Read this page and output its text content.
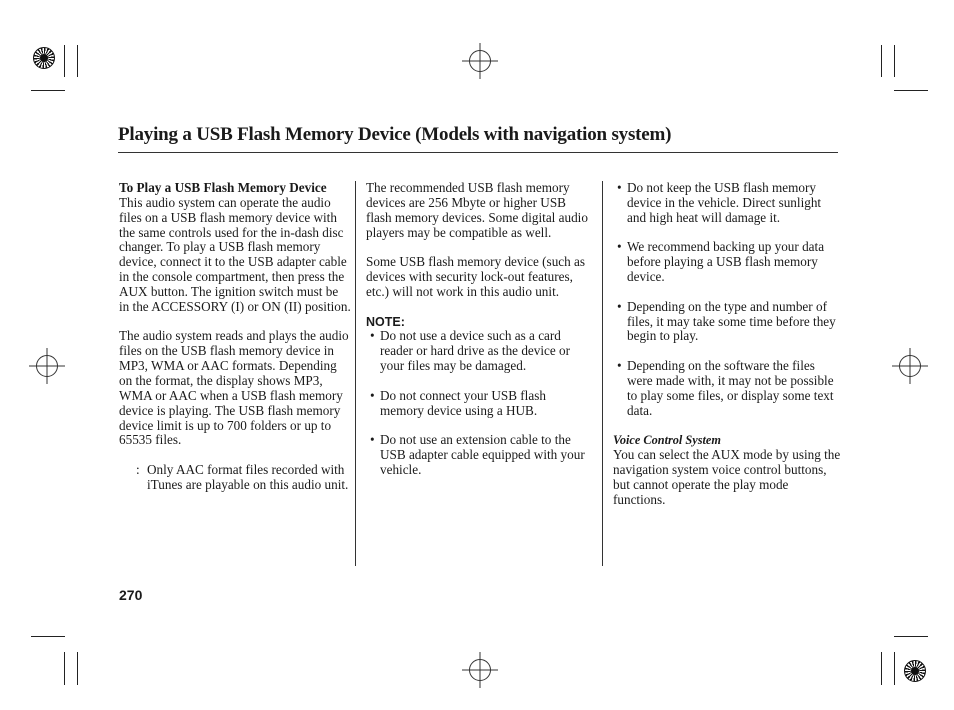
Playing a USB Flash Memory Device (Models with navigation system)

To Play a USB Flash Memory Device

This audio system can operate the audio files on a USB flash memory device with the same controls used for the in-dash disc changer. To play a USB flash memory device, connect it to the USB adapter cable in the console compartment, then press the AUX button. The ignition switch must be in the ACCESSORY (I) or ON (II) position.

The audio system reads and plays the audio files on the USB flash memory device in MP3, WMA or AAC formats. Depending on the format, the display shows MP3, WMA or AAC when a USB flash memory device is playing. The USB flash memory device limit is up to 700 folders or up to 65535 files.

: Only AAC format files recorded with iTunes are playable on this audio unit.

The recommended USB flash memory devices are 256 Mbyte or higher USB flash memory devices. Some digital audio players may be compatible as well.

Some USB flash memory device (such as devices with security lock-out features, etc.) will not work in this audio unit.

NOTE:

• Do not use a device such as a card reader or hard drive as the device or your files may be damaged.

• Do not connect your USB flash memory device using a HUB.

• Do not use an extension cable to the USB adapter cable equipped with your vehicle.

• Do not keep the USB flash memory device in the vehicle. Direct sunlight and high heat will damage it.

• We recommend backing up your data before playing a USB flash memory device.

• Depending on the type and number of files, it may take some time before they begin to play.

• Depending on the software the files were made with, it may not be possible to play some files, or display some text data.

Voice Control System

You can select the AUX mode by using the navigation system voice control buttons, but cannot operate the play mode functions.

270
